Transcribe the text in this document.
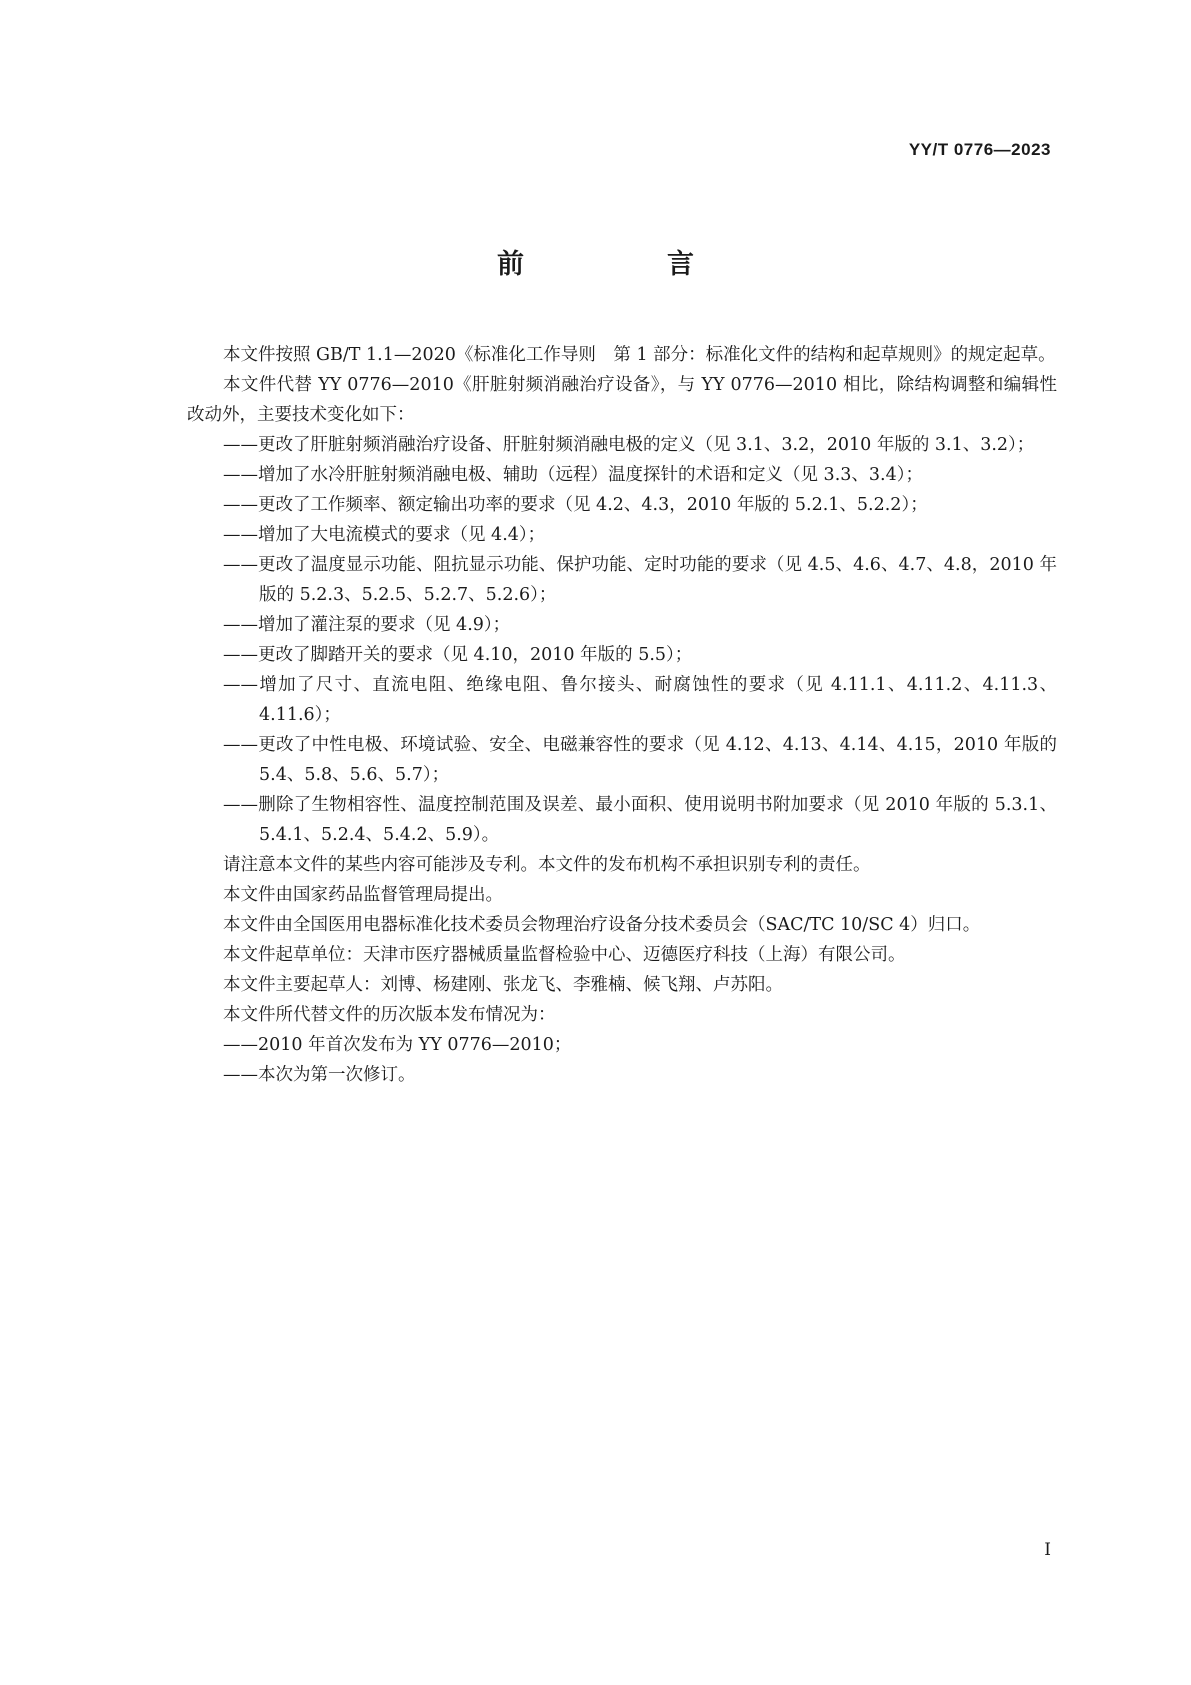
YY/T 0776—2023
前　言

本文件按照 GB/T 1.1—2020《标准化工作导则　第 1 部分：标准化文件的结构和起草规则》的规定起草。

本文件代替 YY 0776—2010《肝脏射频消融治疗设备》，与 YY 0776—2010 相比，除结构调整和编辑性改动外，主要技术变化如下：

——更改了肝脏射频消融治疗设备、肝脏射频消融电极的定义（见 3.1、3.2，2010 年版的 3.1、3.2）；

——增加了水冷肝脏射频消融电极、辅助（远程）温度探针的术语和定义（见 3.3、3.4）；

——更改了工作频率、额定输出功率的要求（见 4.2、4.3，2010 年版的 5.2.1、5.2.2）；

——增加了大电流模式的要求（见 4.4）；

——更改了温度显示功能、阻抗显示功能、保护功能、定时功能的要求（见 4.5、4.6、4.7、4.8，2010 年版的 5.2.3、5.2.5、5.2.7、5.2.6）；

——增加了灌注泵的要求（见 4.9）；

——更改了脚踏开关的要求（见 4.10，2010 年版的 5.5）；

——增加了尺寸、直流电阻、绝缘电阻、鲁尔接头、耐腐蚀性的要求（见 4.11.1、4.11.2、4.11.3、4.11.6）；

——更改了中性电极、环境试验、安全、电磁兼容性的要求（见 4.12、4.13、4.14、4.15，2010 年版的 5.4、5.8、5.6、5.7）；

——删除了生物相容性、温度控制范围及误差、最小面积、使用说明书附加要求（见 2010 年版的 5.3.1、5.4.1、5.2.4、5.4.2、5.9）。

请注意本文件的某些内容可能涉及专利。本文件的发布机构不承担识别专利的责任。

本文件由国家药品监督管理局提出。

本文件由全国医用电器标准化技术委员会物理治疗设备分技术委员会（SAC/TC 10/SC 4）归口。

本文件起草单位：天津市医疗器械质量监督检验中心、迈德医疗科技（上海）有限公司。

本文件主要起草人：刘博、杨建刚、张龙飞、李雅楠、候飞翔、卢苏阳。

本文件所代替文件的历次版本发布情况为：

——2010 年首次发布为 YY 0776—2010；

——本次为第一次修订。

I
